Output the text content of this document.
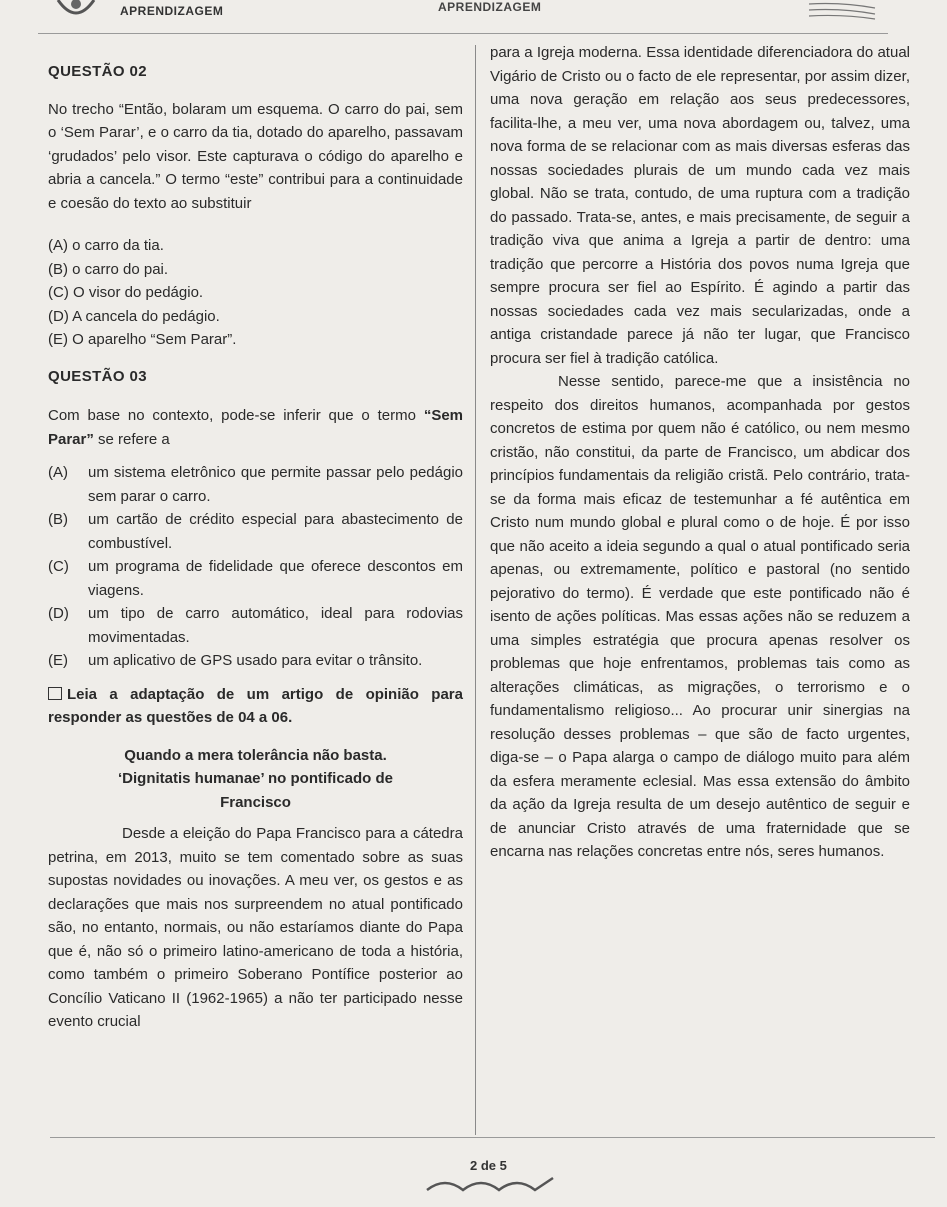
APRENDIZAGEM	APRENDIZAGEM
QUESTÃO 02
No trecho “Então, bolaram um esquema. O carro do pai, sem o ‘Sem Parar’, e o carro da tia, dotado do aparelho, passavam ‘grudados’ pelo visor. Este capturava o código do aparelho e abria a cancela.” O termo “este” contribui para a continuidade e coesão do texto ao substituir
(A) o carro da tia.
(B) o carro do pai.
(C) O visor do pedágio.
(D) A cancela do pedágio.
(E) O aparelho “Sem Parar”.
QUESTÃO 03
Com base no contexto, pode-se inferir que o termo “Sem Parar” se refere a
(A)	um sistema eletrônico que permite passar pelo pedágio sem parar o carro.
(B)	um cartão de crédito especial para abastecimento de combustível.
(C)	um programa de fidelidade que oferece descontos em viagens.
(D)	um tipo de carro automático, ideal para rodovias movimentadas.
(E)	um aplicativo de GPS usado para evitar o trânsito.
Leia a adaptação de um artigo de opinião para responder as questões de 04 a 06.
Quando a mera tolerância não basta.
‘Dignitatis humanae’ no pontificado de
Francisco
Desde a eleição do Papa Francisco para a cátedra petrina, em 2013, muito se tem comentado sobre as suas supostas novidades ou inovações. A meu ver, os gestos e as declarações que mais nos surpreendem no atual pontificado são, no entanto, normais, ou não estaríamos diante do Papa que é, não só o primeiro latino-americano de toda a história, como também o primeiro Soberano Pontífice posterior ao Concílio Vaticano II (1962-1965) a não ter participado nesse evento crucial
para a Igreja moderna. Essa identidade diferenciadora do atual Vigário de Cristo ou o facto de ele representar, por assim dizer, uma nova geração em relação aos seus predecessores, facilita-lhe, a meu ver, uma nova abordagem ou, talvez, uma nova forma de se relacionar com as mais diversas esferas das nossas sociedades plurais de um mundo cada vez mais global. Não se trata, contudo, de uma ruptura com a tradição do passado. Trata-se, antes, e mais precisamente, de seguir a tradição viva que anima a Igreja a partir de dentro: uma tradição que percorre a História dos povos numa Igreja que sempre procura ser fiel ao Espírito. É agindo a partir das nossas sociedades cada vez mais secularizadas, onde a antiga cristandade parece já não ter lugar, que Francisco procura ser fiel à tradição católica.
Nesse sentido, parece-me que a insistência no respeito dos direitos humanos, acompanhada por gestos concretos de estima por quem não é católico, ou nem mesmo cristão, não constitui, da parte de Francisco, um abdicar dos princípios fundamentais da religião cristã. Pelo contrário, trata-se da forma mais eficaz de testemunhar a fé autêntica em Cristo num mundo global e plural como o de hoje. É por isso que não aceito a ideia segundo a qual o atual pontificado seria apenas, ou extremamente, político e pastoral (no sentido pejorativo do termo). É verdade que este pontificado não é isento de ações políticas. Mas essas ações não se reduzem a uma simples estratégia que procura apenas resolver os problemas que hoje enfrentamos, problemas tais como as alterações climáticas, as migrações, o terrorismo e o fundamentalismo religioso... Ao procurar unir sinergias na resolução desses problemas – que são de facto urgentes, diga-se – o Papa alarga o campo de diálogo muito para além da esfera meramente eclesial. Mas essa extensão do âmbito da ação da Igreja resulta de um desejo autêntico de seguir e de anunciar Cristo através de uma fraternidade que se encarna nas relações concretas entre nós, seres humanos.
2 de 5
